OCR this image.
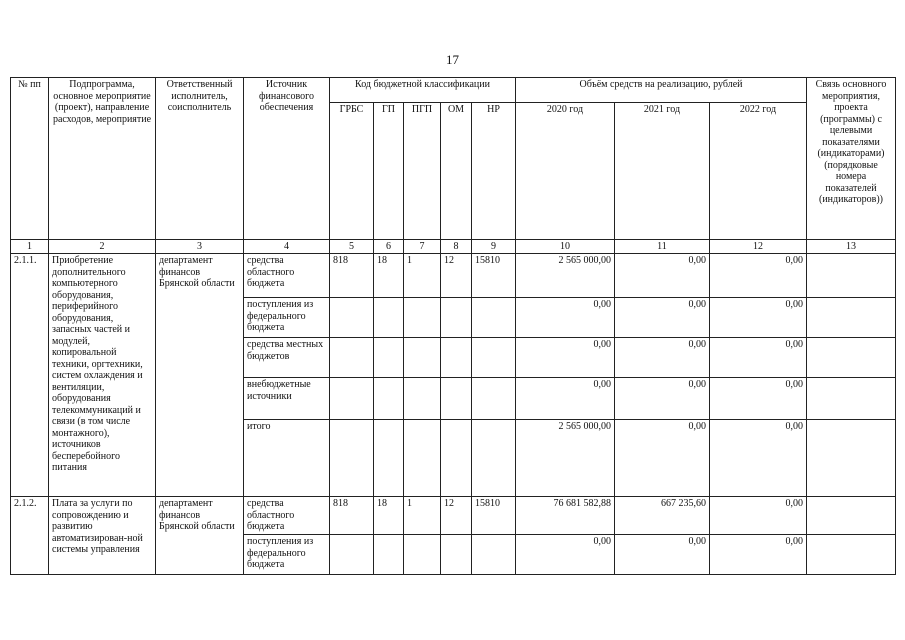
17
№ пп	Подпрограмма, основное мероприятие (проект), направление расходов, мероприятие	Ответственный исполнитель, соисполнитель	Источник финансового обеспечения	Код бюджетной классификации					Объём средств на реализацию, рублей			Связь основного мероприятия, проекта (программы) с целевыми показателями (индикаторами) (порядковые номера показателей (индикаторов))
				ГРБС	ГП	ПГП	ОМ	НР	2020 год	2021 год	2022 год	
1	2	3	4	5	6	7	8	9	10	11	12	13
2.1.1.	Приобретение дополнительного компьютерного оборудования, периферийного оборудования, запасных частей и модулей, копировальной техники, оргтехники, систем охлаждения и вентиляции, оборудования телекоммуникаций и связи (в том числе монтажного), источников бесперебойного питания	департамент финансов Брянской области	средства областного бюджета	818	18	1	12	15810	2 565 000,00	0,00	0,00	
			поступления из федерального бюджета						0,00	0,00	0,00	
			средства местных бюджетов						0,00	0,00	0,00	
			внебюджетные источники						0,00	0,00	0,00	
			итого						2 565 000,00	0,00	0,00	
2.1.2.	Плата за услуги по сопровождению и развитию автоматизирован-ной системы управления	департамент финансов Брянской области	средства областного бюджета	818	18	1	12	15810	76 681 582,88	667 235,60	0,00	
			поступления из федерального бюджета						0,00	0,00	0,00	
